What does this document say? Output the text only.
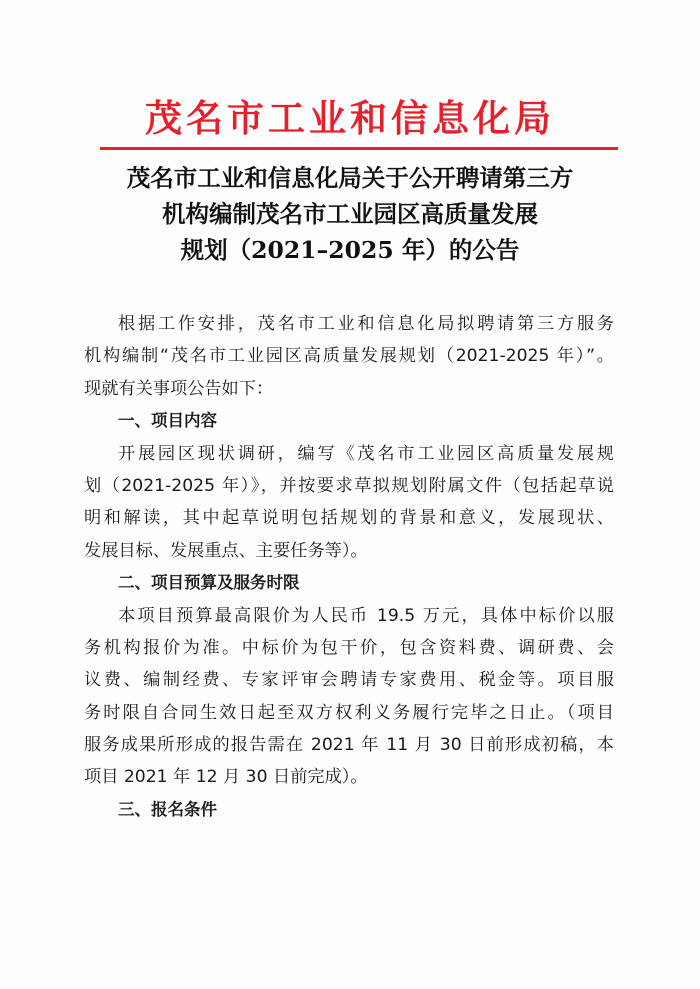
茂名市工业和信息化局
茂名市工业和信息化局关于公开聘请第三方
机构编制茂名市工业园区高质量发展
规划（2021–2025 年）的公告
根据工作安排，茂名市工业和信息化局拟聘请第三方服务
机构编制“茂名市工业园区高质量发展规划（2021-2025 年）”。
现就有关事项公告如下：
一、项目内容
开展园区现状调研，编写《茂名市工业园区高质量发展规
划（2021-2025 年）》，并按要求草拟规划附属文件（包括起草说
明和解读，其中起草说明包括规划的背景和意义，发展现状、
发展目标、发展重点、主要任务等）。
二、项目预算及服务时限
本项目预算最高限价为人民币 19.5 万元，具体中标价以服
务机构报价为准。中标价为包干价，包含资料费、调研费、会
议费、编制经费、专家评审会聘请专家费用、税金等。项目服
务时限自合同生效日起至双方权利义务履行完毕之日止。（项目
服务成果所形成的报告需在 2021 年 11 月 30 日前形成初稿，本
项目 2021 年 12 月 30 日前完成）。
三、报名条件
